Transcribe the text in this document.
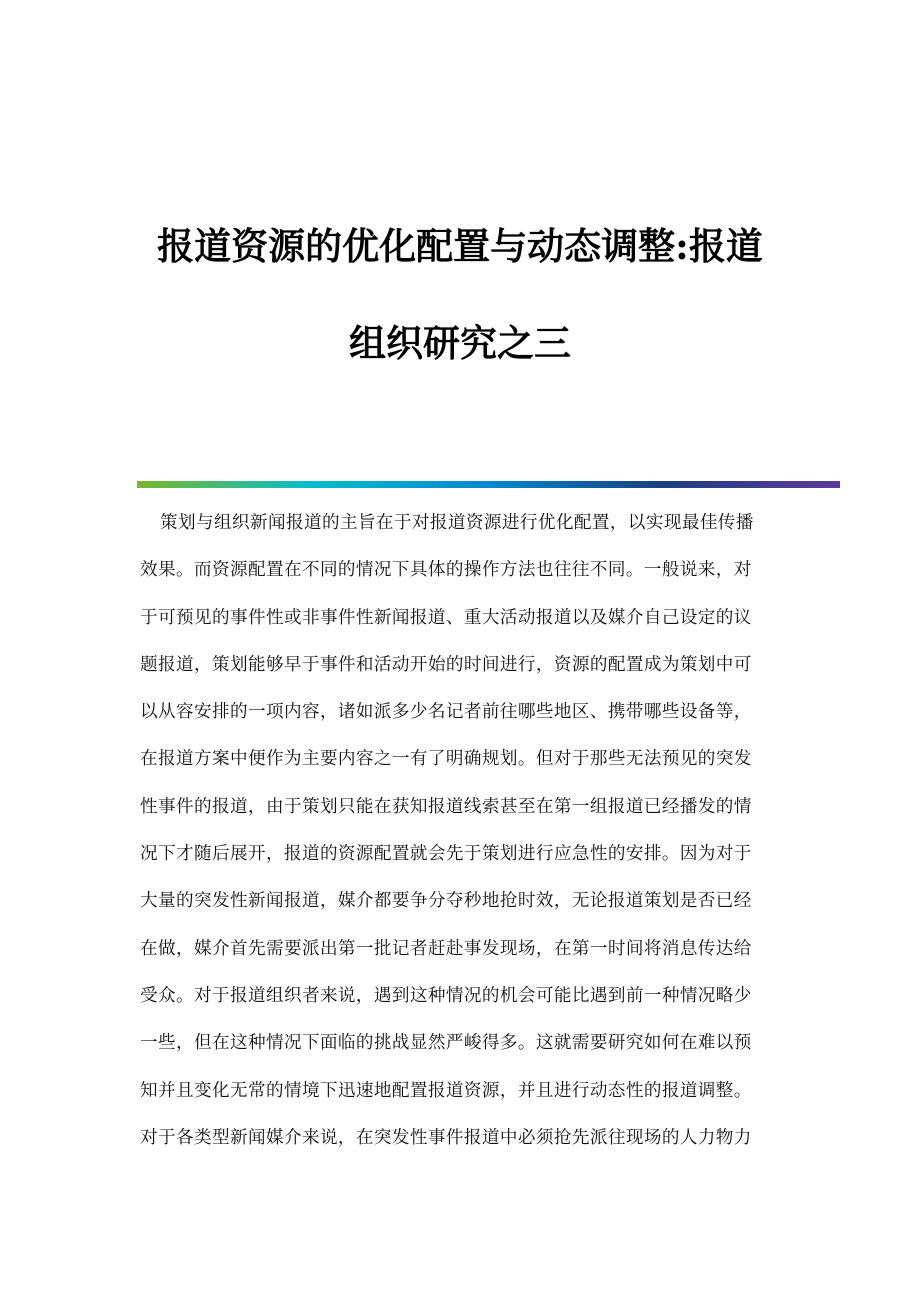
报道资源的优化配置与动态调整:报道
组织研究之三
策划与组织新闻报道的主旨在于对报道资源进行优化配置，以实现最佳传播
效果。而资源配置在不同的情况下具体的操作方法也往往不同。一般说来，对
于可预见的事件性或非事件性新闻报道、重大活动报道以及媒介自己设定的议
题报道，策划能够早于事件和活动开始的时间进行，资源的配置成为策划中可
以从容安排的一项内容，诸如派多少名记者前往哪些地区、携带哪些设备等，
在报道方案中便作为主要内容之一有了明确规划。但对于那些无法预见的突发
性事件的报道，由于策划只能在获知报道线索甚至在第一组报道已经播发的情
况下才随后展开，报道的资源配置就会先于策划进行应急性的安排。因为对于
大量的突发性新闻报道，媒介都要争分夺秒地抢时效，无论报道策划是否已经
在做，媒介首先需要派出第一批记者赶赴事发现场，在第一时间将消息传达给
受众。对于报道组织者来说，遇到这种情况的机会可能比遇到前一种情况略少
一些，但在这种情况下面临的挑战显然严峻得多。这就需要研究如何在难以预
知并且变化无常的情境下迅速地配置报道资源，并且进行动态性的报道调整。
对于各类型新闻媒介来说，在突发性事件报道中必须抢先派往现场的人力物力
